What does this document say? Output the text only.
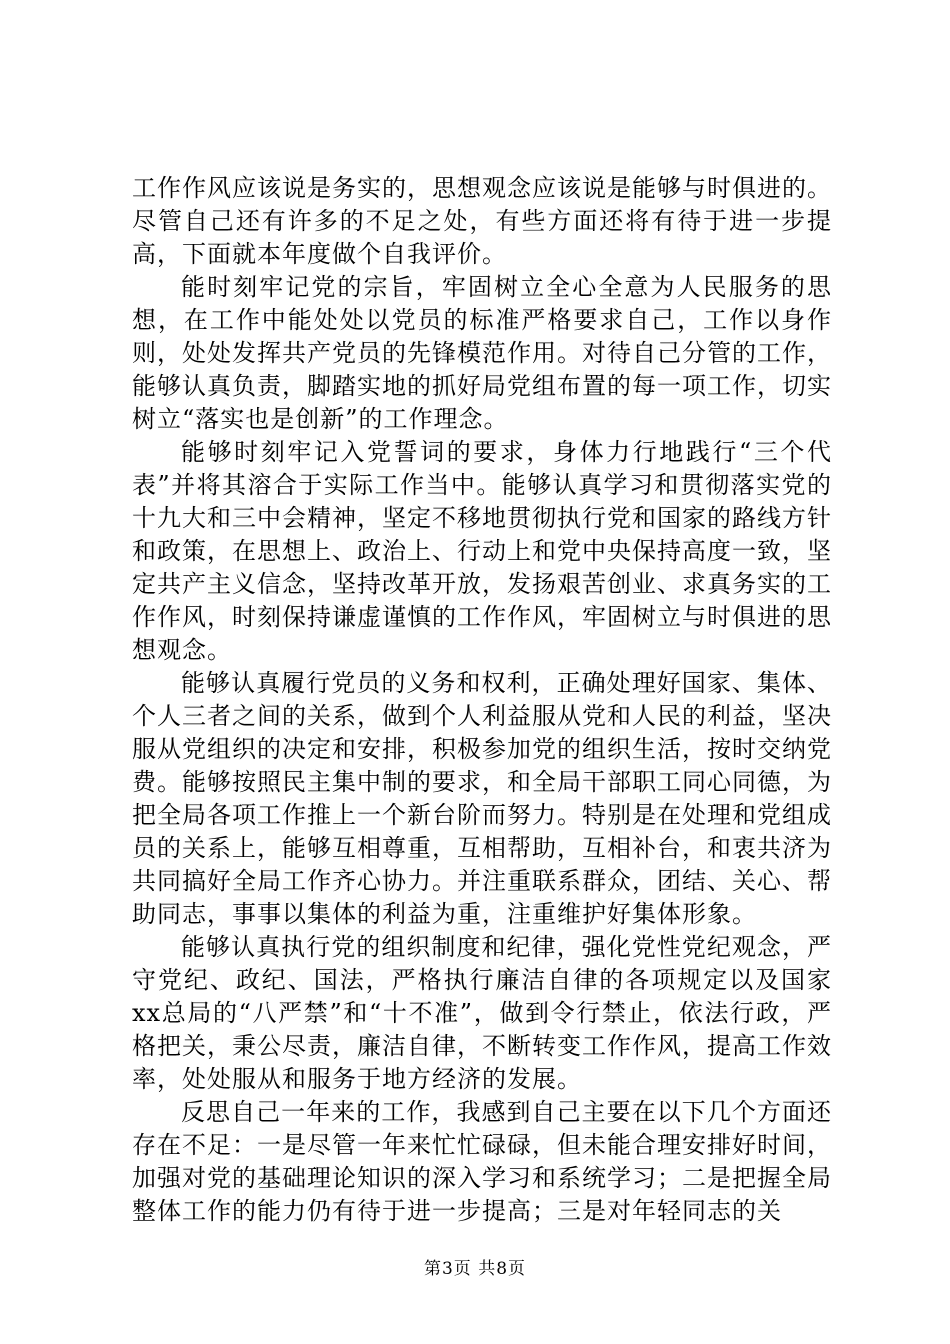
工作作风应该说是务实的，思想观念应该说是能够与时俱进的。尽管自己还有许多的不足之处，有些方面还将有待于进一步提高，下面就本年度做个自我评价。

能时刻牢记党的宗旨，牢固树立全心全意为人民服务的思想，在工作中能处处以党员的标准严格要求自己，工作以身作则，处处发挥共产党员的先锋模范作用。对待自己分管的工作，能够认真负责，脚踏实地的抓好局党组布置的每一项工作，切实树立“落实也是创新”的工作理念。

能够时刻牢记入党誓词的要求，身体力行地践行“三个代表”并将其溶合于实际工作当中。能够认真学习和贯彻落实党的十九大和三中会精神，坚定不移地贯彻执行党和国家的路线方针和政策，在思想上、政治上、行动上和党中央保持高度一致，坚定共产主义信念，坚持改革开放，发扬艰苦创业、求真务实的工作作风，时刻保持谦虚谨慎的工作作风，牢固树立与时俱进的思想观念。

能够认真履行党员的义务和权利，正确处理好国家、集体、个人三者之间的关系，做到个人利益服从党和人民的利益，坚决服从党组织的决定和安排，积极参加党的组织生活，按时交纳党费。能够按照民主集中制的要求，和全局干部职工同心同德，为把全局各项工作推上一个新台阶而努力。特别是在处理和党组成员的关系上，能够互相尊重，互相帮助，互相补台，和衷共济为共同搞好全局工作齐心协力。并注重联系群众，团结、关心、帮助同志，事事以集体的利益为重，注重维护好集体形象。

能够认真执行党的组织制度和纪律，强化党性党纪观念，严守党纪、政纪、国法，严格执行廉洁自律的各项规定以及国家xx总局的“八严禁”和“十不准”，做到令行禁止，依法行政，严格把关，秉公尽责，廉洁自律，不断转变工作作风，提高工作效率，处处服从和服务于地方经济的发展。

反思自己一年来的工作，我感到自己主要在以下几个方面还存在不足：一是尽管一年来忙忙碌碌，但未能合理安排好时间，加强对党的基础理论知识的深入学习和系统学习；二是把握全局整体工作的能力仍有待于进一步提高；三是对年轻同志的关

第3页 共8页
